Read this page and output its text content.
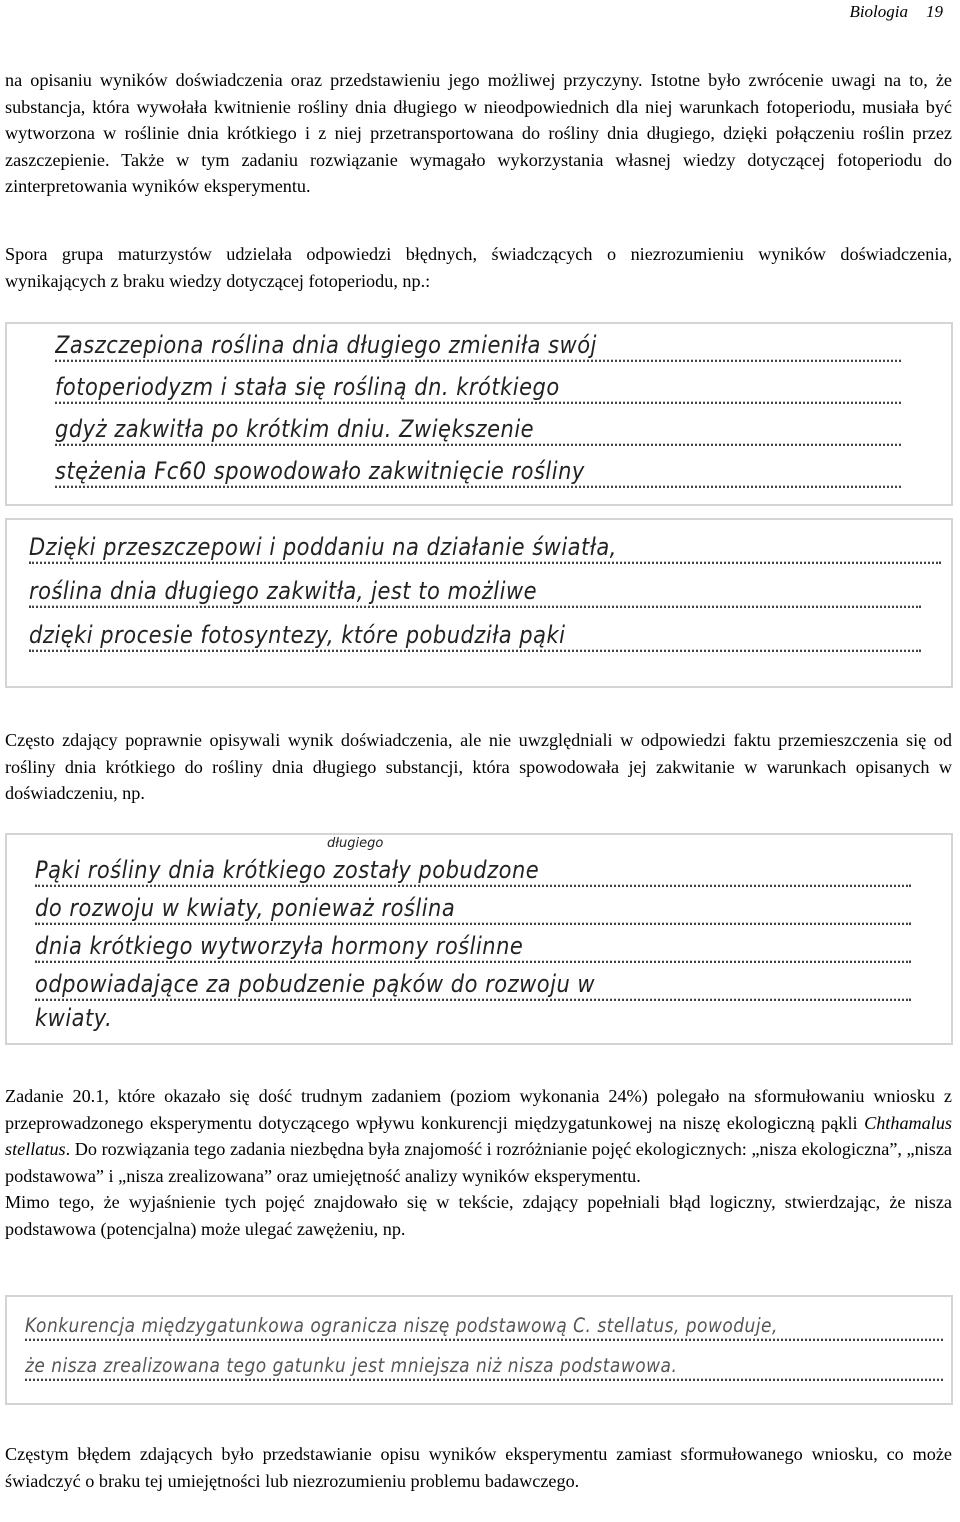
Biologia 19
na opisaniu wyników doświadczenia oraz przedstawieniu jego możliwej przyczyny. Istotne było zwrócenie uwagi na to, że substancja, która wywołała kwitnienie rośliny dnia długiego w nieodpowiednich dla niej warunkach fotoperiodu, musiała być wytworzona w roślinie dnia krótkiego i z niej przetransportowana do rośliny dnia długiego, dzięki połączeniu roślin przez zaszczepienie. Także w tym zadaniu rozwiązanie wymagało wykorzystania własnej wiedzy dotyczącej fotoperiodu do zinterpretowania wyników eksperymentu.
Spora grupa maturzystów udzielała odpowiedzi błędnych, świadczących o niezrozumieniu wyników doświadczenia, wynikających z braku wiedzy dotyczącej fotoperiodu, np.:
Zaszczepiona roślina dnia długiego zmieniła swój
fotoperiodyzm i stała się rośliną dn. krótkiego
gdyż zakwitła po krótkim dniu. Zwiększenie
stężenia Fc60 spowodowało zakwitnięcie rośliny
Dzięki przeszczepowi i poddaniu na działanie światła,
roślina dnia długiego zakwitła, jest to możliwe
dzięki procesie fotosyntezy, które pobudziła pąki
Często zdający poprawnie opisywali wynik doświadczenia, ale nie uwzględniali w odpowiedzi faktu przemieszczenia się od rośliny dnia krótkiego do rośliny dnia długiego substancji, która spowodowała jej zakwitanie w warunkach opisanych w doświadczeniu, np.
długiego
Pąki rośliny dnia krótkiego zostały pobudzone
do rozwoju w kwiaty, ponieważ roślina
dnia krótkiego wytworzyła hormony roślinne
odpowiadające za pobudzenie pąków do rozwoju w
kwiaty.
Zadanie 20.1, które okazało się dość trudnym zadaniem (poziom wykonania 24%) polegało na sformułowaniu wniosku z przeprowadzonego eksperymentu dotyczącego wpływu konkurencji międzygatunkowej na niszę ekologiczną pąkli Chthamalus stellatus. Do rozwiązania tego zadania niezbędna była znajomość i rozróżnianie pojęć ekologicznych: „nisza ekologiczna”, „nisza podstawowa” i „nisza zrealizowana” oraz umiejętność analizy wyników eksperymentu.
Mimo tego, że wyjaśnienie tych pojęć znajdowało się w tekście, zdający popełniali błąd logiczny, stwierdzając, że nisza podstawowa (potencjalna) może ulegać zawężeniu, np.
Konkurencja międzygatunkowa ogranicza niszę podstawową C. stellatus, powoduje,
że nisza zrealizowana tego gatunku jest mniejsza niż nisza podstawowa.
Częstym błędem zdających było przedstawianie opisu wyników eksperymentu zamiast sformułowanego wniosku, co może świadczyć o braku tej umiejętności lub niezrozumieniu problemu badawczego.
